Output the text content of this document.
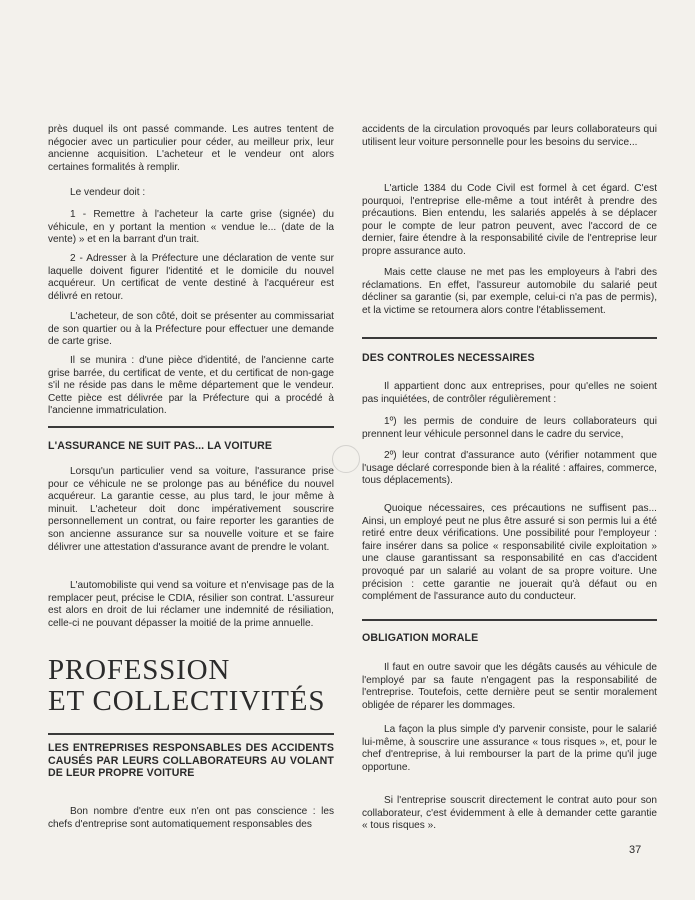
près duquel ils ont passé commande. Les autres tentent de négocier avec un particulier pour céder, au meilleur prix, leur ancienne acquisition. L'acheteur et le vendeur ont alors certaines formalités à remplir.

Le vendeur doit :

1 - Remettre à l'acheteur la carte grise (signée) du véhicule, en y portant la mention « vendue le... (date de la vente) » et en la barrant d'un trait.

2 - Adresser à la Préfecture une déclaration de vente sur laquelle doivent figurer l'identité et le domicile du nouvel acquéreur. Un certificat de vente destiné à l'acquéreur est délivré en retour.

L'acheteur, de son côté, doit se présenter au commissariat de son quartier ou à la Préfecture pour effectuer une demande de carte grise.

Il se munira : d'une pièce d'identité, de l'ancienne carte grise barrée, du certificat de vente, et du certificat de non-gage s'il ne réside pas dans le même département que le vendeur. Cette pièce est délivrée par la Préfecture qui a procédé à l'ancienne immatriculation.

L'ASSURANCE NE SUIT PAS... LA VOITURE

Lorsqu'un particulier vend sa voiture, l'assurance prise pour ce véhicule ne se prolonge pas au bénéfice du nouvel acquéreur. La garantie cesse, au plus tard, le jour même à minuit. L'acheteur doit donc impérativement souscrire personnellement un contrat, ou faire reporter les garanties de son ancienne assurance sur sa nouvelle voiture et se faire délivrer une attestation d'assurance avant de prendre le volant.

L'automobiliste qui vend sa voiture et n'envisage pas de la remplacer peut, précise le CDIA, résilier son contrat. L'assureur est alors en droit de lui réclamer une indemnité de résiliation, celle-ci ne pouvant dépasser la moitié de la prime annuelle.

LES ENTREPRISES RESPONSABLES DES ACCIDENTS CAUSÉS PAR LEURS COLLABORATEURS AU VOLANT DE LEUR PROPRE VOITURE

Bon nombre d'entre eux n'en ont pas conscience : les chefs d'entreprise sont automatiquement responsables des

PROFESSION
ET COLLECTIVITÉS

accidents de la circulation provoqués par leurs collaborateurs qui utilisent leur voiture personnelle pour les besoins du service...

L'article 1384 du Code Civil est formel à cet égard. C'est pourquoi, l'entreprise elle-même a tout intérêt à prendre des précautions. Bien entendu, les salariés appelés à se déplacer pour le compte de leur patron peuvent, avec l'accord de ce dernier, faire étendre à la responsabilité civile de l'entreprise leur propre assurance auto.

Mais cette clause ne met pas les employeurs à l'abri des réclamations. En effet, l'assureur automobile du salarié peut décliner sa garantie (si, par exemple, celui-ci n'a pas de permis), et la victime se retournera alors contre l'établissement.

DES CONTROLES NECESSAIRES

Il appartient donc aux entreprises, pour qu'elles ne soient pas inquiétées, de contrôler régulièrement :

1º) les permis de conduire de leurs collaborateurs qui prennent leur véhicule personnel dans le cadre du service,

2º) leur contrat d'assurance auto (vérifier notamment que l'usage déclaré corresponde bien à la réalité : affaires, commerce, tous déplacements).

Quoique nécessaires, ces précautions ne suffisent pas... Ainsi, un employé peut ne plus être assuré si son permis lui a été retiré entre deux vérifications. Une possibilité pour l'employeur : faire insérer dans sa police « responsabilité civile exploitation » une clause garantissant sa responsabilité en cas d'accident provoqué par un salarié au volant de sa propre voiture. Une précision : cette garantie ne jouerait qu'à défaut ou en complément de l'assurance auto du conducteur.

OBLIGATION MORALE

Il faut en outre savoir que les dégâts causés au véhicule de l'employé par sa faute n'engagent pas la responsabilité de l'entreprise. Toutefois, cette dernière peut se sentir moralement obligée de réparer les dommages.

La façon la plus simple d'y parvenir consiste, pour le salarié lui-même, à souscrire une assurance « tous risques », et, pour le chef d'entreprise, à lui rembourser la part de la prime qu'il juge opportune.

Si l'entreprise souscrit directement le contrat auto pour son collaborateur, c'est évidemment à elle à demander cette garantie « tous risques ».

37
